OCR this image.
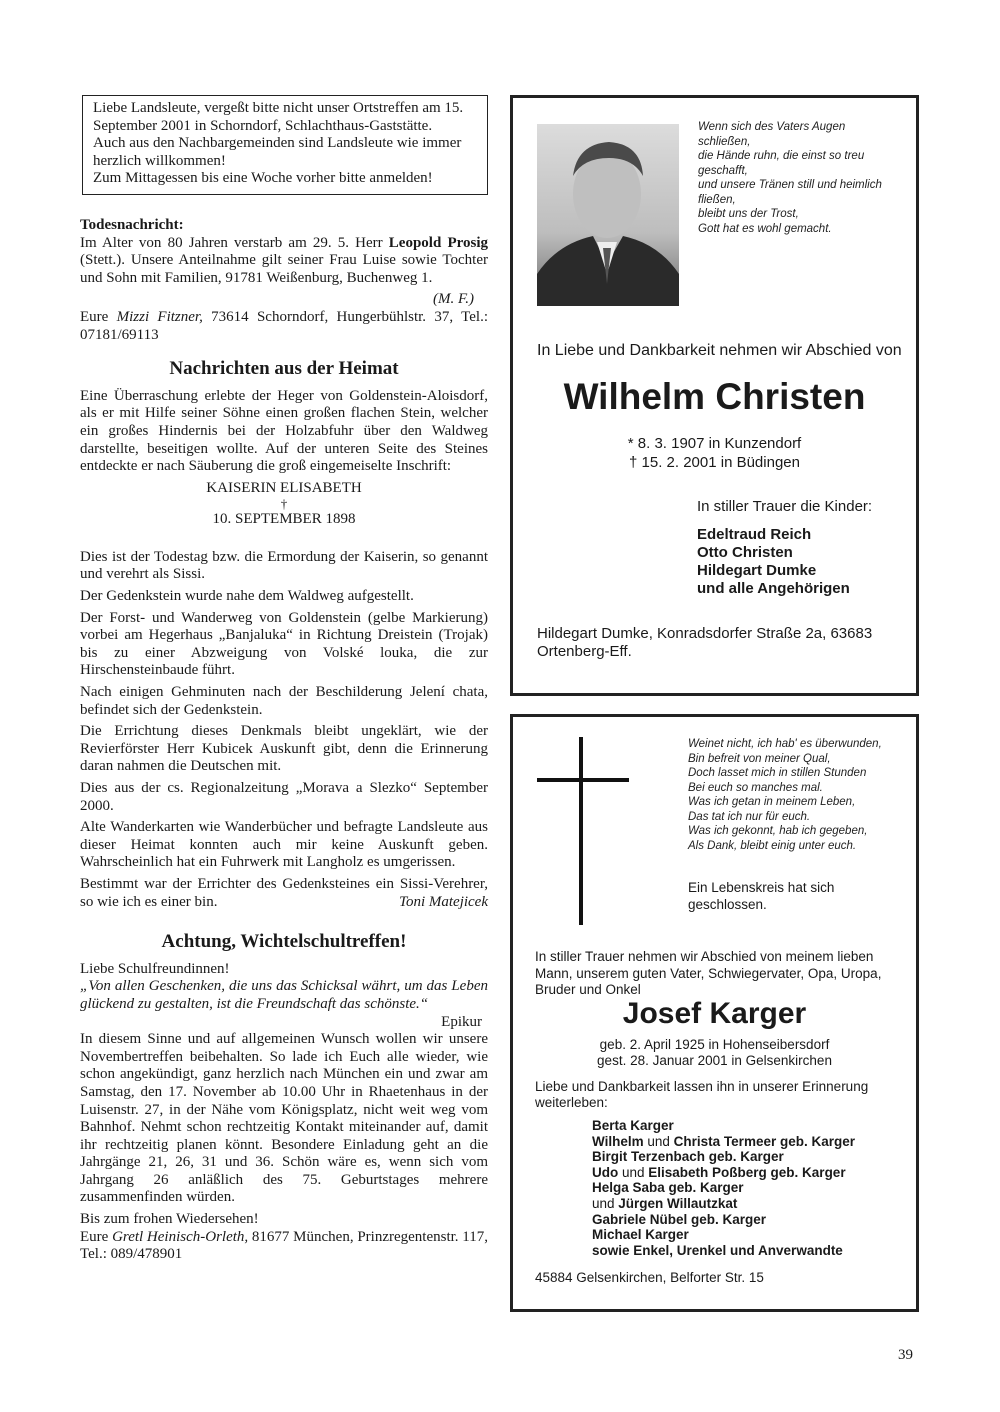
Liebe Landsleute, vergeßt bitte nicht unser Ortstreffen am 15.

September 2001 in Schorndorf, Schlachthaus-Gaststätte.

Auch aus den Nachbargemeinden sind Landsleute wie immer

herzlich willkommen!

Zum Mittagessen bis eine Woche vorher bitte anmelden!

Todesnachricht:
Im Alter von 80 Jahren verstarb am 29. 5. Herr Leopold Prosig (Stett.). Unsere Anteilnahme gilt seiner Frau Luise sowie Tochter und Sohn mit Familien, 91781 Weißenburg, Buchenweg 1.
(M. F.)
Eure Mizzi Fitzner, 73614 Schorndorf, Hungerbühlstr. 37, Tel.: 07181/69113
Nachrichten aus der Heimat
Eine Überraschung erlebte der Heger von Goldenstein-Aloisdorf, als er mit Hilfe seiner Söhne einen großen flachen Stein, welcher ein großes Hindernis bei der Holzabfuhr über den Waldweg darstellte, beseitigen wollte. Auf der unteren Seite des Steines entdeckte er nach Säuberung die groß eingemeiselte Inschrift:
KAISERIN ELISABETH
†
10. SEPTEMBER 1898
Dies ist der Todestag bzw. die Ermordung der Kaiserin, so genannt und verehrt als Sissi.
Der Gedenkstein wurde nahe dem Waldweg aufgestellt.
Der Forst- und Wanderweg von Goldenstein (gelbe Markierung) vorbei am Hegerhaus „Banjaluka“ in Richtung Dreistein (Trojak) bis zu einer Abzweigung von Volské louka, die zur Hirschensteinbaude führt.
Nach einigen Gehminuten nach der Beschilderung Jelení chata, befindet sich der Gedenkstein.
Die Errichtung dieses Denkmals bleibt ungeklärt, wie der Revierförster Herr Kubicek Auskunft gibt, denn die Erinnerung daran nahmen die Deutschen mit.
Dies aus der cs. Regionalzeitung „Morava a Slezko“ September 2000.
Alte Wanderkarten wie Wanderbücher und befragte Landsleute aus dieser Heimat konnten auch mir keine Auskunft geben. Wahrscheinlich hat ein Fuhrwerk mit Langholz es umgerissen.
Bestimmt war der Errichter des Gedenksteines ein Sissi-Verehrer, so wie ich es einer bin.	Toni Matejicek
Achtung, Wichtelschultreffen!
Liebe Schulfreundinnen!
„Von allen Geschenken, die uns das Schicksal währt, um das Leben glückend zu gestalten, ist die Freundschaft das schönste.“
Epikur
In diesem Sinne und auf allgemeinen Wunsch wollen wir unsere Novembertreffen beibehalten. So lade ich Euch alle wieder, wie schon angekündigt, ganz herzlich nach München ein und zwar am Samstag, den 17. November ab 10.00 Uhr in Rhaetenhaus in der Luisenstr. 27, in der Nähe vom Königsplatz, nicht weit weg vom Bahnhof. Nehmt schon rechtzeitig Kontakt miteinander auf, damit ihr rechtzeitig planen könnt. Besondere Einladung geht an die Jahrgänge 21, 26, 31 und 36. Schön wäre es, wenn sich vom Jahrgang 26 anläßlich des 75. Geburtstages mehrere zusammenfinden würden.
Bis zum frohen Wiedersehen!
Eure Gretl Heinisch-Orleth, 81677 München, Prinzregentenstr. 117, Tel.: 089/478901
Wenn sich des Vaters Augen
schließen,
die Hände ruhn, die einst so treu
geschafft,
und unsere Tränen still und heimlich
fließen,
bleibt uns der Trost,
Gott hat es wohl gemacht.
In Liebe und Dankbarkeit nehmen wir Abschied von
Wilhelm Christen
* 8. 3. 1907 in Kunzendorf
† 15. 2. 2001 in Büdingen
In stiller Trauer die Kinder:
Edeltraud Reich
Otto Christen
Hildegart Dumke
und alle Angehörigen
Hildegart Dumke, Konradsdorfer Straße 2a, 63683 Ortenberg-Eff.
Weinet nicht, ich hab' es überwunden,
Bin befreit von meiner Qual,
Doch lasset mich in stillen Stunden
Bei euch so manches mal.
Was ich getan in meinem Leben,
Das tat ich nur für euch.
Was ich gekonnt, hab ich gegeben,
Als Dank, bleibt einig unter euch.
Ein Lebenskreis hat sich geschlossen.
In stiller Trauer nehmen wir Abschied von meinem lieben Mann, unserem guten Vater, Schwiegervater, Opa, Uropa, Bruder und Onkel
Josef Karger
geb. 2. April 1925 in Hohenseibersdorf
gest. 28. Januar 2001 in Gelsenkirchen
Liebe und Dankbarkeit lassen ihn in unserer Erinnerung weiterleben:
Berta Karger
Wilhelm und Christa Termeer geb. Karger
Birgit Terzenbach geb. Karger
Udo und Elisabeth Poßberg geb. Karger
Helga Saba geb. Karger
und Jürgen Willautzkat
Gabriele Nübel geb. Karger
Michael Karger
sowie Enkel, Urenkel und Anverwandte
45884 Gelsenkirchen, Belforter Str. 15
39
